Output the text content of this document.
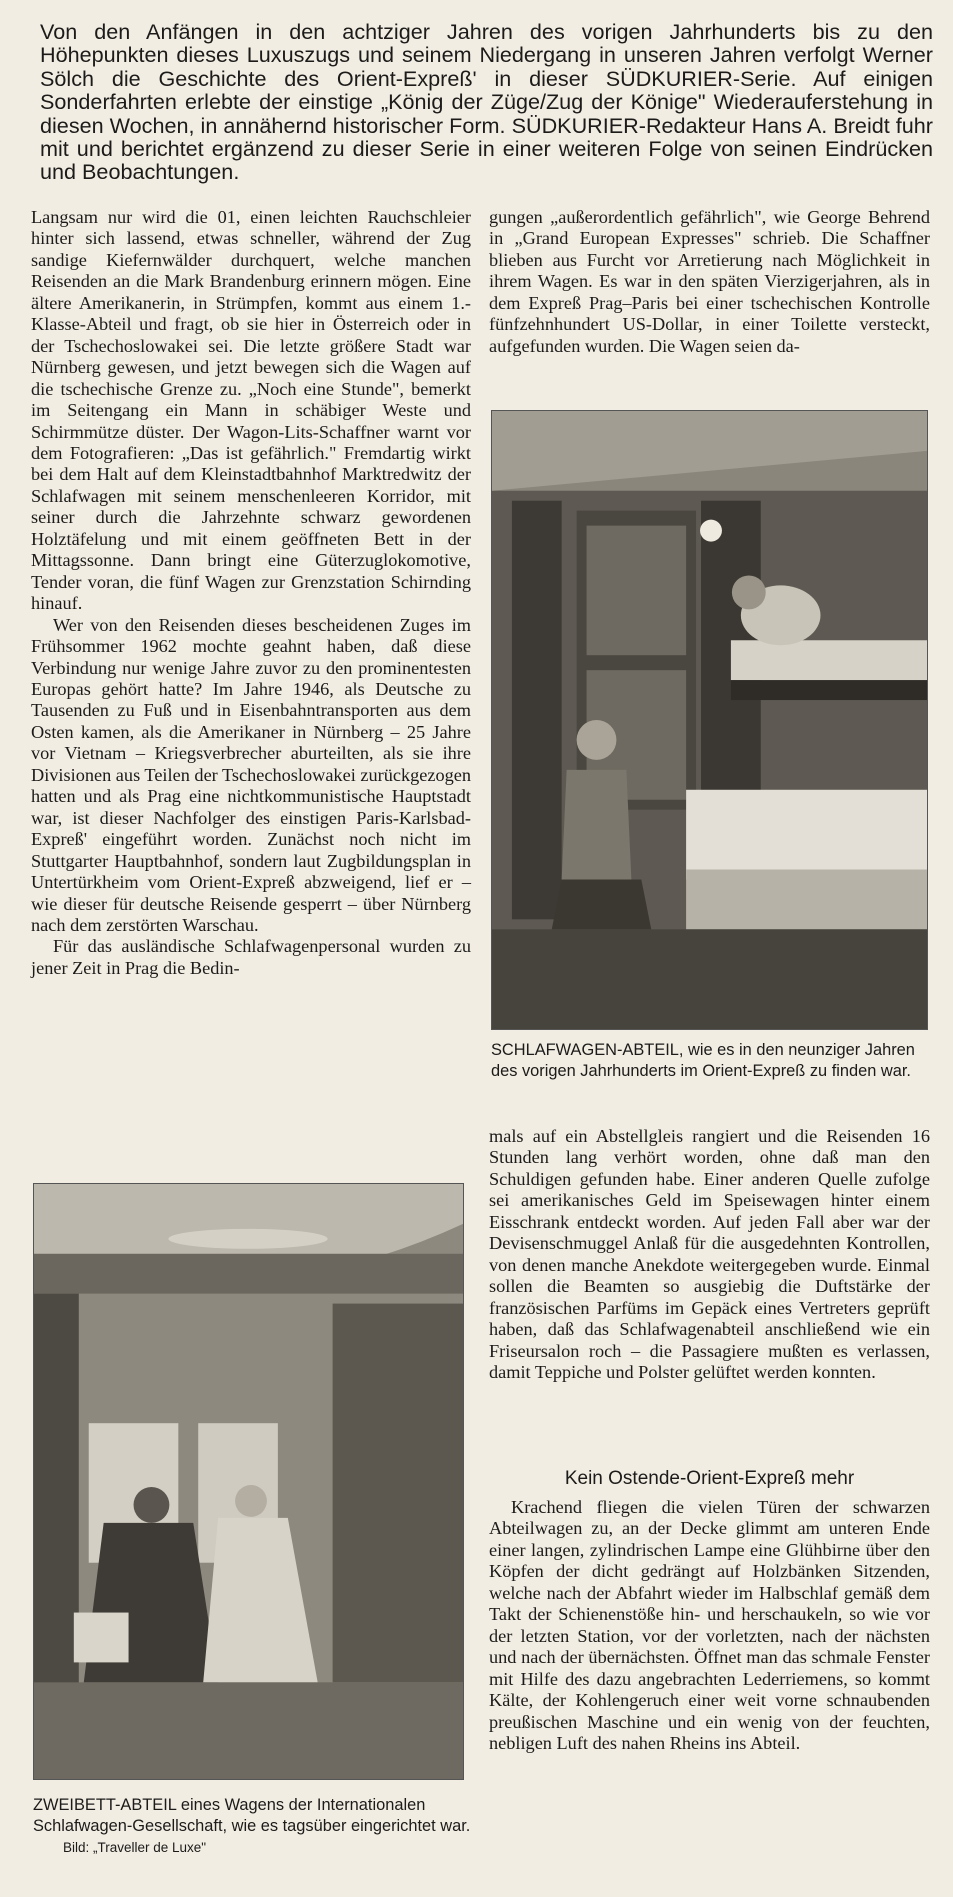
Von den Anfängen in den achtziger Jahren des vorigen Jahrhunderts bis zu den Höhepunkten dieses Luxuszugs und seinem Niedergang in unseren Jahren verfolgt Werner Sölch die Geschichte des Orient-Expreß' in dieser SÜDKURIER-Serie. Auf einigen Sonderfahrten erlebte der einstige „König der Züge/Zug der Könige" Wiederauferstehung in diesen Wochen, in annähernd historischer Form. SÜDKURIER-Redakteur Hans A. Breidt fuhr mit und berichtet ergänzend zu dieser Serie in einer weiteren Folge von seinen Eindrücken und Beobachtungen.

Langsam nur wird die 01, einen leichten Rauchschleier hinter sich lassend, etwas schneller, während der Zug sandige Kiefernwälder durchquert, welche manchen Reisenden an die Mark Brandenburg erinnern mögen. Eine ältere Amerikanerin, in Strümpfen, kommt aus einem 1.-Klasse-Abteil und fragt, ob sie hier in Österreich oder in der Tschechoslowakei sei. Die letzte größere Stadt war Nürnberg gewesen, und jetzt bewegen sich die Wagen auf die tschechische Grenze zu. „Noch eine Stunde", bemerkt im Seitengang ein Mann in schäbiger Weste und Schirmmütze düster. Der Wagon-Lits-Schaffner warnt vor dem Fotografieren: „Das ist gefährlich." Fremdartig wirkt bei dem Halt auf dem Kleinstadtbahnhof Marktredwitz der Schlafwagen mit seinem menschenleeren Korridor, mit seiner durch die Jahrzehnte schwarz gewordenen Holztäfelung und mit einem geöffneten Bett in der Mittagssonne. Dann bringt eine Güterzuglokomotive, Tender voran, die fünf Wagen zur Grenzstation Schirnding hinauf.

Wer von den Reisenden dieses bescheidenen Zuges im Frühsommer 1962 mochte geahnt haben, daß diese Verbindung nur wenige Jahre zuvor zu den prominentesten Europas gehört hatte? Im Jahre 1946, als Deutsche zu Tausenden zu Fuß und in Eisenbahntransporten aus dem Osten kamen, als die Amerikaner in Nürnberg – 25 Jahre vor Vietnam – Kriegsverbrecher aburteilten, als sie ihre Divisionen aus Teilen der Tschechoslowakei zurückgezogen hatten und als Prag eine nichtkommunistische Hauptstadt war, ist dieser Nachfolger des einstigen Paris-Karlsbad-Expreß' eingeführt worden. Zunächst noch nicht im Stuttgarter Hauptbahnhof, sondern laut Zugbildungsplan in Untertürkheim vom Orient-Expreß abzweigend, lief er – wie dieser für deutsche Reisende gesperrt – über Nürnberg nach dem zerstörten Warschau.

Für das ausländische Schlafwagenpersonal wurden zu jener Zeit in Prag die Bedin-

gungen „außerordentlich gefährlich", wie George Behrend in „Grand European Expresses" schrieb. Die Schaffner blieben aus Furcht vor Arretierung nach Möglichkeit in ihrem Wagen. Es war in den späten Vierzigerjahren, als in dem Expreß Prag–Paris bei einer tschechischen Kontrolle fünfzehnhundert US-Dollar, in einer Toilette versteckt, aufgefunden wurden. Die Wagen seien da-

SCHLAFWAGEN-ABTEIL, wie es in den neunziger Jahren des vorigen Jahrhunderts im Orient-Expreß zu finden war.

mals auf ein Abstellgleis rangiert und die Reisenden 16 Stunden lang verhört worden, ohne daß man den Schuldigen gefunden habe. Einer anderen Quelle zufolge sei amerikanisches Geld im Speisewagen hinter einem Eisschrank entdeckt worden. Auf jeden Fall aber war der Devisenschmuggel Anlaß für die ausgedehnten Kontrollen, von denen manche Anekdote weitergegeben wurde. Einmal sollen die Beamten so ausgiebig die Duftstärke der französischen Parfüms im Gepäck eines Vertreters geprüft haben, daß das Schlafwagenabteil anschließend wie ein Friseursalon roch – die Passagiere mußten es verlassen, damit Teppiche und Polster gelüftet werden konnten.

Kein Ostende-Orient-Expreß mehr

Krachend fliegen die vielen Türen der schwarzen Abteilwagen zu, an der Decke glimmt am unteren Ende einer langen, zylindrischen Lampe eine Glühbirne über den Köpfen der dicht gedrängt auf Holzbänken Sitzenden, welche nach der Abfahrt wieder im Halbschlaf gemäß dem Takt der Schienenstöße hin- und herschaukeln, so wie vor der letzten Station, vor der vorletzten, nach der nächsten und nach der übernächsten. Öffnet man das schmale Fenster mit Hilfe des dazu angebrachten Lederriemens, so kommt Kälte, der Kohlengeruch einer weit vorne schnaubenden preußischen Maschine und ein wenig von der feuchten, nebligen Luft des nahen Rheins ins Abteil.

ZWEIBETT-ABTEIL eines Wagens der Internationalen Schlafwagen-Gesellschaft, wie es tagsüber eingerichtet war. Bild: „Traveller de Luxe"
